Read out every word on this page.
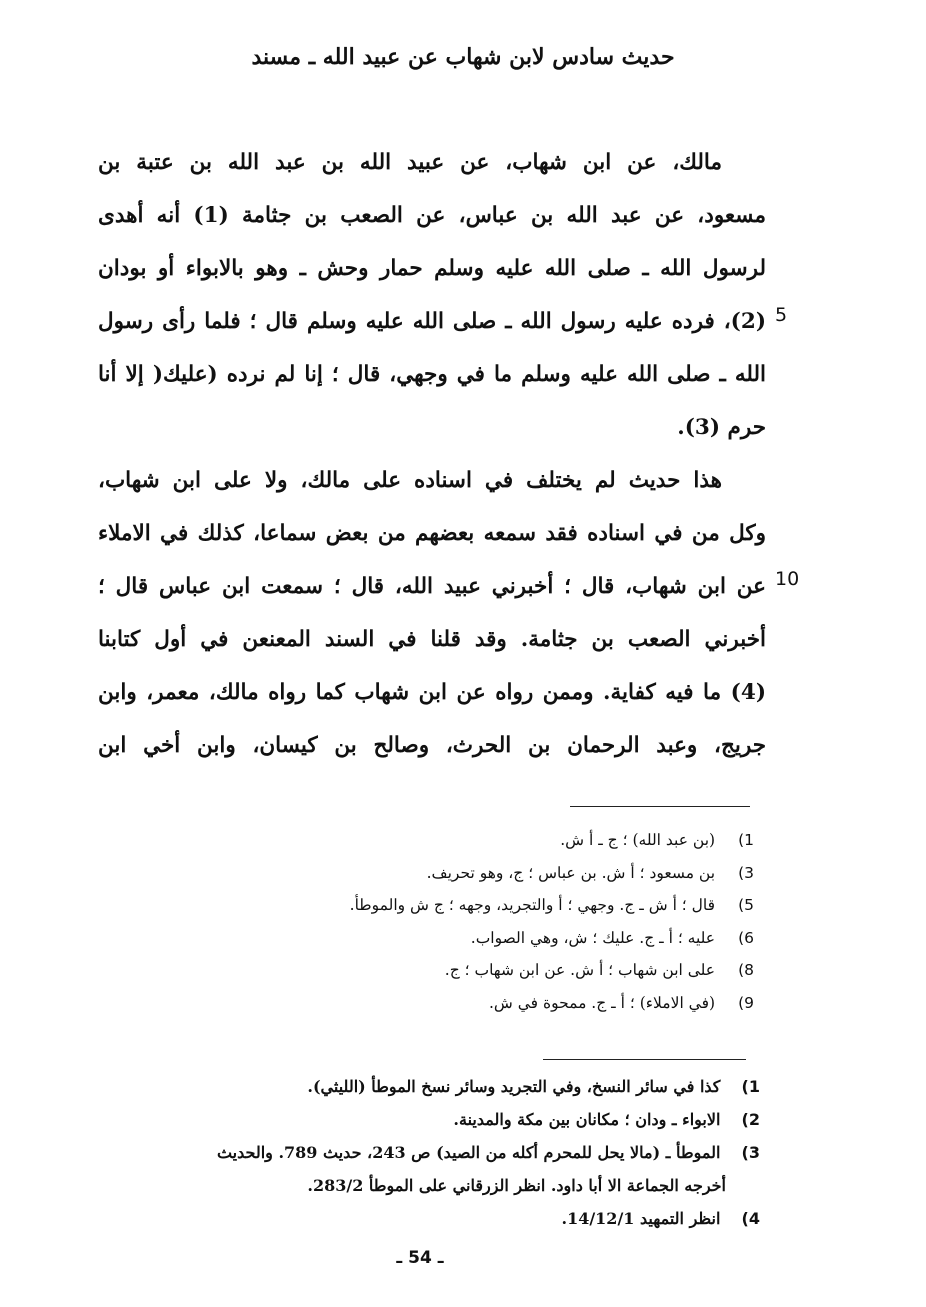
حديث سادس لابن شهاب عن عبيد الله ـ مسند
مالك، عن ابن شهاب، عن عبيد الله بن عبد الله بن عتبة بن
مسعود، عن عبد الله بن عباس، عن الصعب بن جثامة (1) أنه أهدى
لرسول الله ـ صلى الله عليه وسلم حمار وحش ـ وهو بالابواء أو بودان
(2)، فرده عليه رسول الله ـ صلى الله عليه وسلم قال ؛ فلما رأى رسول
الله ـ صلى الله عليه وسلم ما في وجهي، قال ؛ إنا لم نرده (عليك( إلا أنا
حرم (3).
هذا حديث لم يختلف في اسناده على مالك، ولا على ابن شهاب،
وكل من في اسناده فقد سمعه بعضهم من بعض سماعا، كذلك في الاملاء
عن ابن شهاب، قال ؛ أخبرني عبيد الله، قال ؛ سمعت ابن عباس قال ؛
أخبرني الصعب بن جثامة. وقد قلنا في السند المعنعن في أول كتابنا
(4) ما فيه كفاية. وممن رواه عن ابن شهاب كما رواه مالك، معمر، وابن
جريج، وعبد الرحمان بن الحرث، وصالح بن كيسان، وابن أخي ابن
5
10
1) (بن عبد الله) ؛ ج ـ أ ش.
3) بن مسعود ؛ أ ش. بن عباس ؛ ج، وهو تحريف.
5) قال ؛ أ ش ـ ج. وجهي ؛ أ والتجريد، وجهه ؛ ج ش والموطأ.
6) عليه ؛ أ ـ ج. عليك ؛ ش، وهي الصواب.
8) على ابن شهاب ؛ أ ش. عن ابن شهاب ؛ ج.
9) (في الاملاء) ؛ أ ـ ج. ممحوة في ش.
1) كذا في سائر النسخ، وفي التجريد وسائر نسخ الموطأ (الليثي).
2) الابواء ـ ودان ؛ مكانان بين مكة والمدينة.
3) الموطأ ـ (مالا يحل للمحرم أكله من الصيد) ص 243، حديث 789. والحديث
أخرجه الجماعة الا أبا داود. انظر الزرقاني على الموطأ 283/2.
4) انظر التمهيد 14/12/1.
ـ 54 ـ
